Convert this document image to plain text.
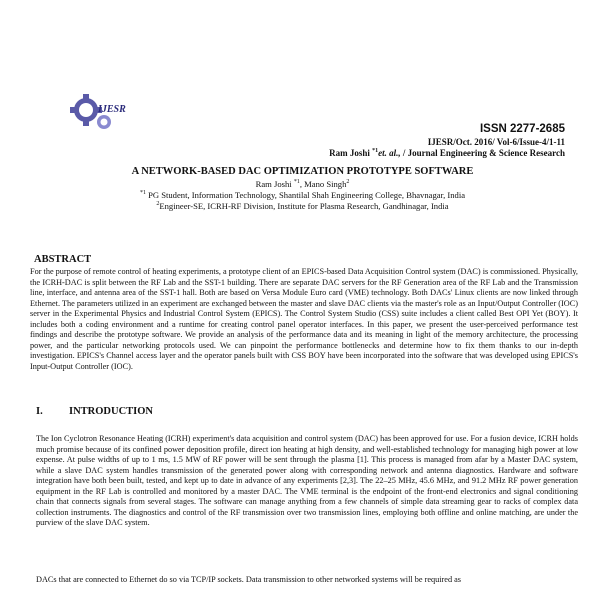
IJESR
ISSN 2277-2685
IJESR/Oct. 2016/ Vol-6/Issue-4/1-11
Ram Joshi $^{*1}$et. al., / Journal Engineering & Science Research
A NETWORK-BASED DAC OPTIMIZATION PROTOTYPE SOFTWARE
Ram Joshi $^{*1}$, Mano Singh$^2$
$^{*1}$ PG Student, Information Technology, Shantilal Shah Engineering College, Bhavnagar, India
$^2$Engineer-SE, ICRH-RF Division, Institute for Plasma Research, Gandhinagar, India
ABSTRACT
For the purpose of remote control of heating experiments, a prototype client of an EPICS-based Data Acquisition Control system (DAC) is commissioned. Physically, the ICRH-DAC is split between the RF Lab and the SST-1 building. There are separate DAC servers for the RF Generation area of the RF Lab and the Transmission line, interface, and antenna area of the SST-1 hall. Both are based on Versa Module Euro card (VME) technology. Both DACs' Linux clients are now linked through Ethernet. The parameters utilized in an experiment are exchanged between the master and slave DAC clients via the master's role as an Input/Output Controller (IOC) server in the Experimental Physics and Industrial Control System (EPICS). The Control System Studio (CSS) suite includes a client called Best OPI Yet (BOY). It includes both a coding environment and a runtime for creating control panel operator interfaces. In this paper, we present the user-perceived performance test findings and describe the prototype software. We provide an analysis of the performance data and its meaning in light of the memory architecture, the processing power, and the particular networking protocols used. We can pinpoint the performance bottlenecks and determine how to fix them thanks to our in-depth investigation. EPICS's Channel access layer and the operator panels built with CSS BOY have been incorporated into the software that was developed using EPICS's Input-Output Controller (IOC).
I.	INTRODUCTION
The Ion Cyclotron Resonance Heating (ICRH) experiment's data acquisition and control system (DAC) has been approved for use. For a fusion device, ICRH holds much promise because of its confined power deposition profile, direct ion heating at high density, and well-established technology for managing high power at low expense. At pulse widths of up to 1 ms, 1.5 MW of RF power will be sent through the plasma [1]. This process is managed from afar by a Master DAC system, while a slave DAC system handles transmission of the generated power along with corresponding network and antenna diagnostics. Hardware and software integration have both been built, tested, and kept up to date in advance of any experiments [2,3]. The 22–25 MHz, 45.6 MHz, and 91.2 MHz RF power generation equipment in the RF Lab is controlled and monitored by a master DAC. The VME terminal is the endpoint of the front-end electronics and signal conditioning chain that connects signals from several stages. The software can manage anything from a few channels of simple data streaming gear to racks of complex data collection instruments. The diagnostics and control of the RF transmission over two transmission lines, employing both offline and online matching, are under the purview of the slave DAC system.
DACs that are connected to Ethernet do so via TCP/IP sockets. Data transmission to other networked systems will be required as
